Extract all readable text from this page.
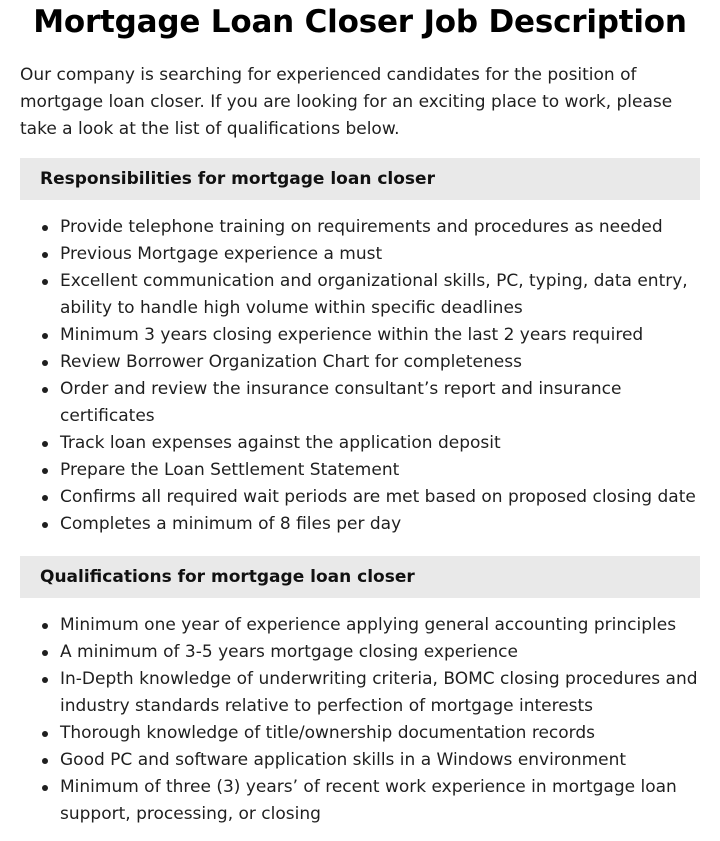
Mortgage Loan Closer Job Description

Our company is searching for experienced candidates for the position of mortgage loan closer. If you are looking for an exciting place to work, please take a look at the list of qualifications below.

Responsibilities for mortgage loan closer
Provide telephone training on requirements and procedures as needed
Previous Mortgage experience a must
Excellent communication and organizational skills, PC, typing, data entry, ability to handle high volume within specific deadlines
Minimum 3 years closing experience within the last 2 years required
Review Borrower Organization Chart for completeness
Order and review the insurance consultant’s report and insurance certificates
Track loan expenses against the application deposit
Prepare the Loan Settlement Statement
Confirms all required wait periods are met based on proposed closing date
Completes a minimum of 8 files per day
Qualifications for mortgage loan closer
Minimum one year of experience applying general accounting principles
A minimum of 3-5 years mortgage closing experience
In-Depth knowledge of underwriting criteria, BOMC closing procedures and industry standards relative to perfection of mortgage interests
Thorough knowledge of title/ownership documentation records
Good PC and software application skills in a Windows environment
Minimum of three (3) years’ of recent work experience in mortgage loan support, processing, or closing
